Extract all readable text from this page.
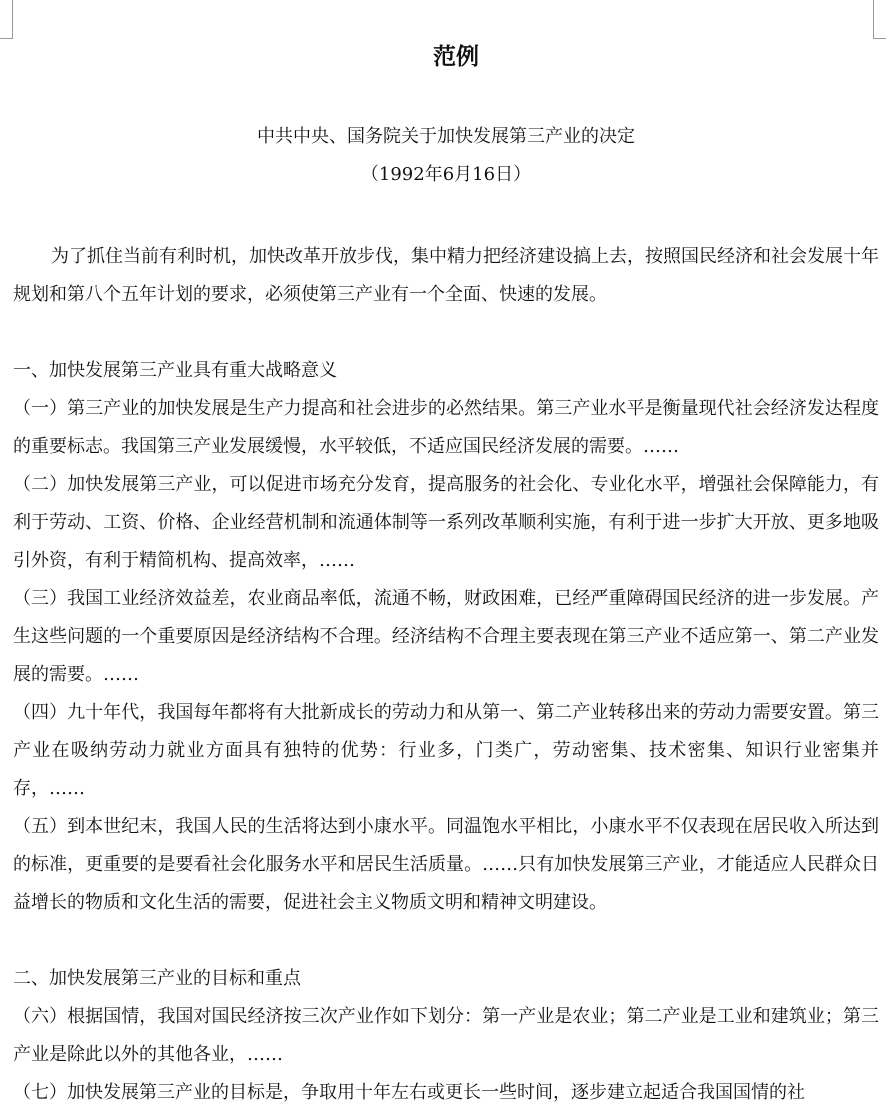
范例

中共中央、国务院关于加快发展第三产业的决定

（1992年6月16日）

为了抓住当前有利时机，加快改革开放步伐，集中精力把经济建设搞上去，按照国民经济和社会发展十年规划和第八个五年计划的要求，必须使第三产业有一个全面、快速的发展。

一、加快发展第三产业具有重大战略意义

（一）第三产业的加快发展是生产力提高和社会进步的必然结果。第三产业水平是衡量现代社会经济发达程度的重要标志。我国第三产业发展缓慢，水平较低，不适应国民经济发展的需要。……

（二）加快发展第三产业，可以促进市场充分发育，提高服务的社会化、专业化水平，增强社会保障能力，有利于劳动、工资、价格、企业经营机制和流通体制等一系列改革顺利实施，有利于进一步扩大开放、更多地吸引外资，有利于精简机构、提高效率，……

（三）我国工业经济效益差，农业商品率低，流通不畅，财政困难，已经严重障碍国民经济的进一步发展。产生这些问题的一个重要原因是经济结构不合理。经济结构不合理主要表现在第三产业不适应第一、第二产业发展的需要。……

（四）九十年代，我国每年都将有大批新成长的劳动力和从第一、第二产业转移出来的劳动力需要安置。第三产业在吸纳劳动力就业方面具有独特的优势：行业多，门类广，劳动密集、技术密集、知识行业密集并存，……

（五）到本世纪末，我国人民的生活将达到小康水平。同温饱水平相比，小康水平不仅表现在居民收入所达到的标准，更重要的是要看社会化服务水平和居民生活质量。……只有加快发展第三产业，才能适应人民群众日益增长的物质和文化生活的需要，促进社会主义物质文明和精神文明建设。

二、加快发展第三产业的目标和重点

（六）根据国情，我国对国民经济按三次产业作如下划分：第一产业是农业；第二产业是工业和建筑业；第三产业是除此以外的其他各业，……

（七）加快发展第三产业的目标是，争取用十年左右或更长一些时间，逐步建立起适合我国国情的社
